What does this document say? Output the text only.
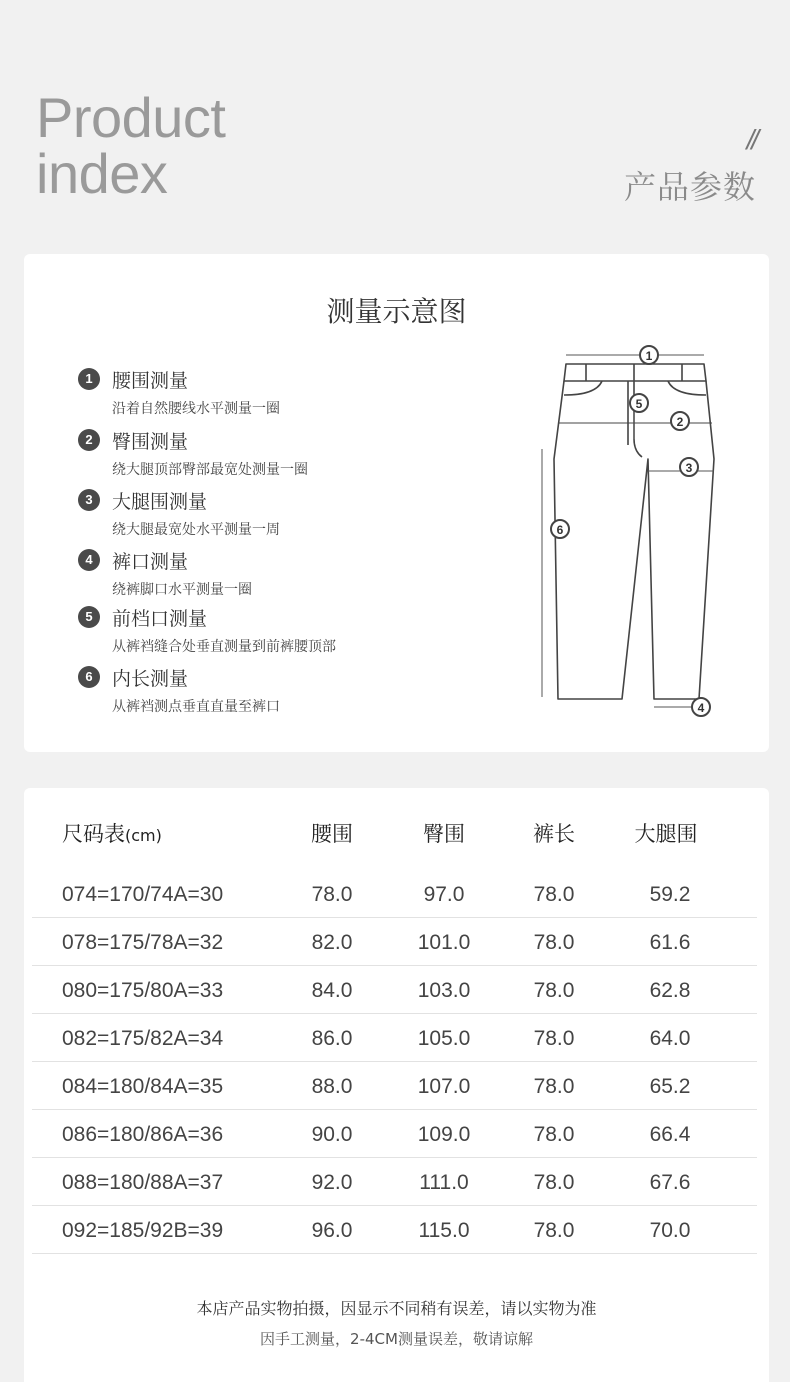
Product
index
//
产品参数
测量示意图
1	腰围测量
沿着自然腰线水平测量一圈
2	臀围测量
绕大腿顶部臀部最宽处测量一圈
3	大腿围测量
绕大腿最宽处水平测量一周
4	裤口测量
绕裤脚口水平测量一圈
5	前档口测量
从裤裆缝合处垂直测量到前裤腰顶部
6	内长测量
从裤裆测点垂直直量至裤口
1
2
3
4
5
6
尺码表(cm)	腰围	臀围	裤长	大腿围
074=170/74A=30	78.0	97.0	78.0	59.2
078=175/78A=32	82.0	101.0	78.0	61.6
080=175/80A=33	84.0	103.0	78.0	62.8
082=175/82A=34	86.0	105.0	78.0	64.0
084=180/84A=35	88.0	107.0	78.0	65.2
086=180/86A=36	90.0	109.0	78.0	66.4
088=180/88A=37	92.0	111.0	78.0	67.6
092=185/92B=39	96.0	115.0	78.0	70.0
本店产品实物拍摄，因显示不同稍有误差，请以实物为准
因手工测量，2-4CM测量误差，敬请谅解
